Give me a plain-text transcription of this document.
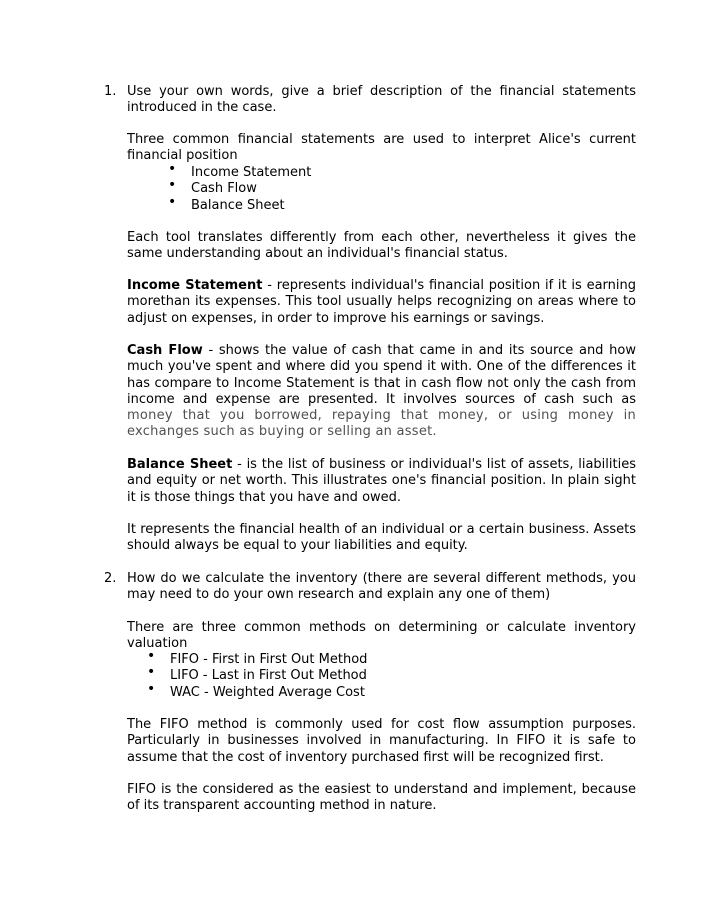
1. Use your own words, give a brief description of the financial statements introduced in the case.
Three common financial statements are used to interpret Alice's current financial position
• Income Statement
• Cash Flow
• Balance Sheet
Each tool translates differently from each other, nevertheless it gives the same understanding about an individual's financial status.
Income Statement - represents individual's financial position if it is earning morethan its expenses. This tool usually helps recognizing on areas where to adjust on expenses, in order to improve his earnings or savings.
Cash Flow - shows the value of cash that came in and its source and how much you've spent and where did you spend it with. One of the differences it has compare to Income Statement is that in cash flow not only the cash from income and expense are presented. It involves sources of cash such as money that you borrowed, repaying that money, or using money in exchanges such as buying or selling an asset.
Balance Sheet - is the list of business or individual's list of assets, liabilities and equity or net worth. This illustrates one's financial position. In plain sight it is those things that you have and owed.
It represents the financial health of an individual or a certain business. Assets should always be equal to your liabilities and equity.
2. How do we calculate the inventory (there are several different methods, you may need to do your own research and explain any one of them)
There are three common methods on determining or calculate inventory valuation
• FIFO - First in First Out Method
• LIFO - Last in First Out Method
• WAC - Weighted Average Cost
The FIFO method is commonly used for cost flow assumption purposes. Particularly in businesses involved in manufacturing. In FIFO it is safe to assume that the cost of inventory purchased first will be recognized first.
FIFO is the considered as the easiest to understand and implement, because of its transparent accounting method in nature.
